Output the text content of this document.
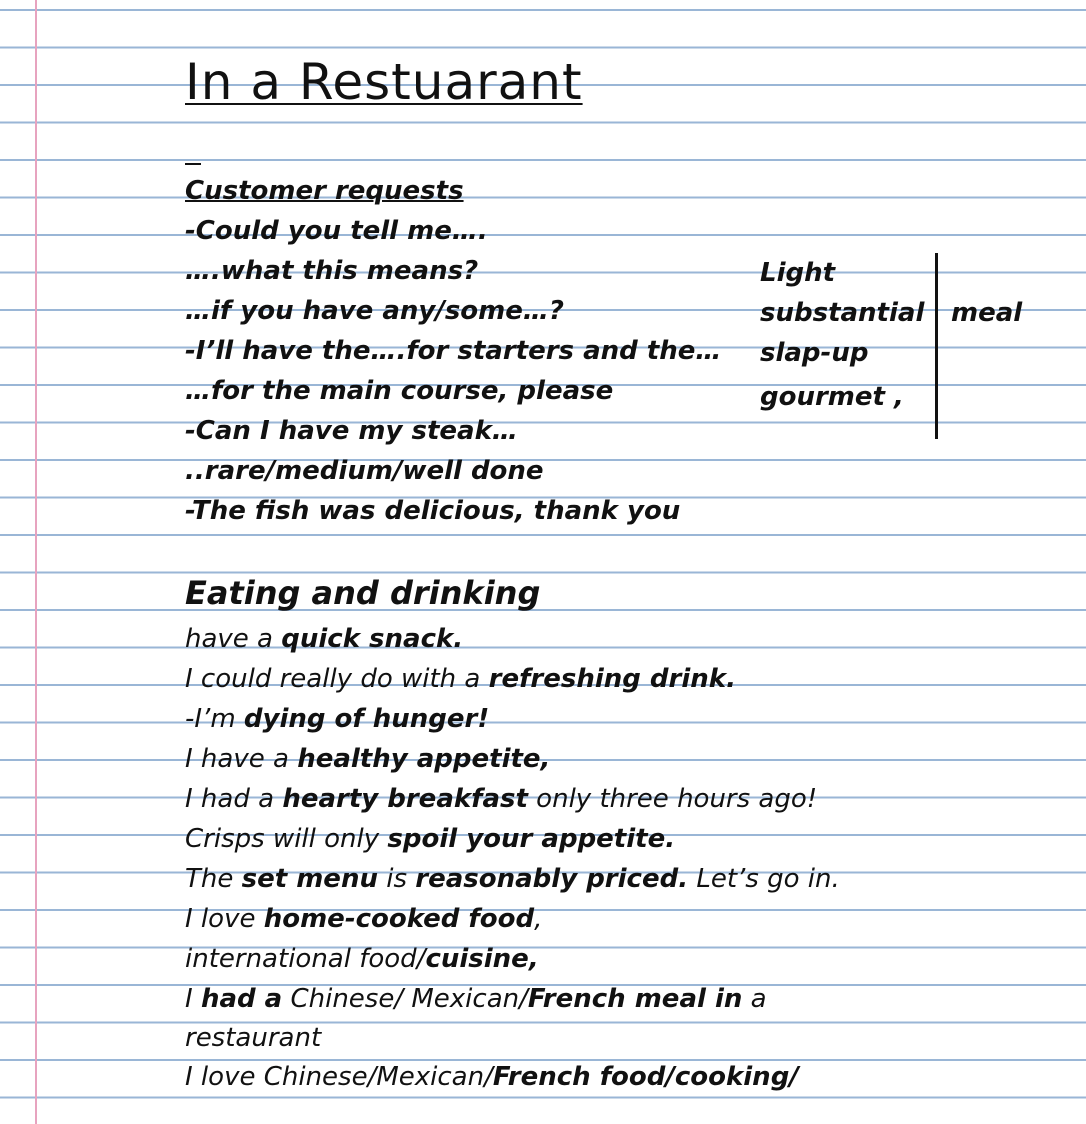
In a Restuarant
Customer requests
-Could you tell me….
….what this means?
…if you have any/some…?
-I’ll have the….for starters and the…
…for the main course, please
-Can I have my steak…
..rare/medium/well done
-The fish was delicious, thank you
Light
substantial
slap-up
gourmet ,
meal
Eating and drinking
have a quick snack.
I could really do with a refreshing drink.
-I’m dying of hunger!
I have a healthy appetite,
I had a hearty breakfast only three hours ago!
Crisps will only spoil your appetite.
The set menu is reasonably priced. Let’s go in.
I love home-cooked food,
international food/cuisine,
I had a Chinese/ Mexican/French meal in a
restaurant
I love Chinese/Mexican/French food/cooking/
